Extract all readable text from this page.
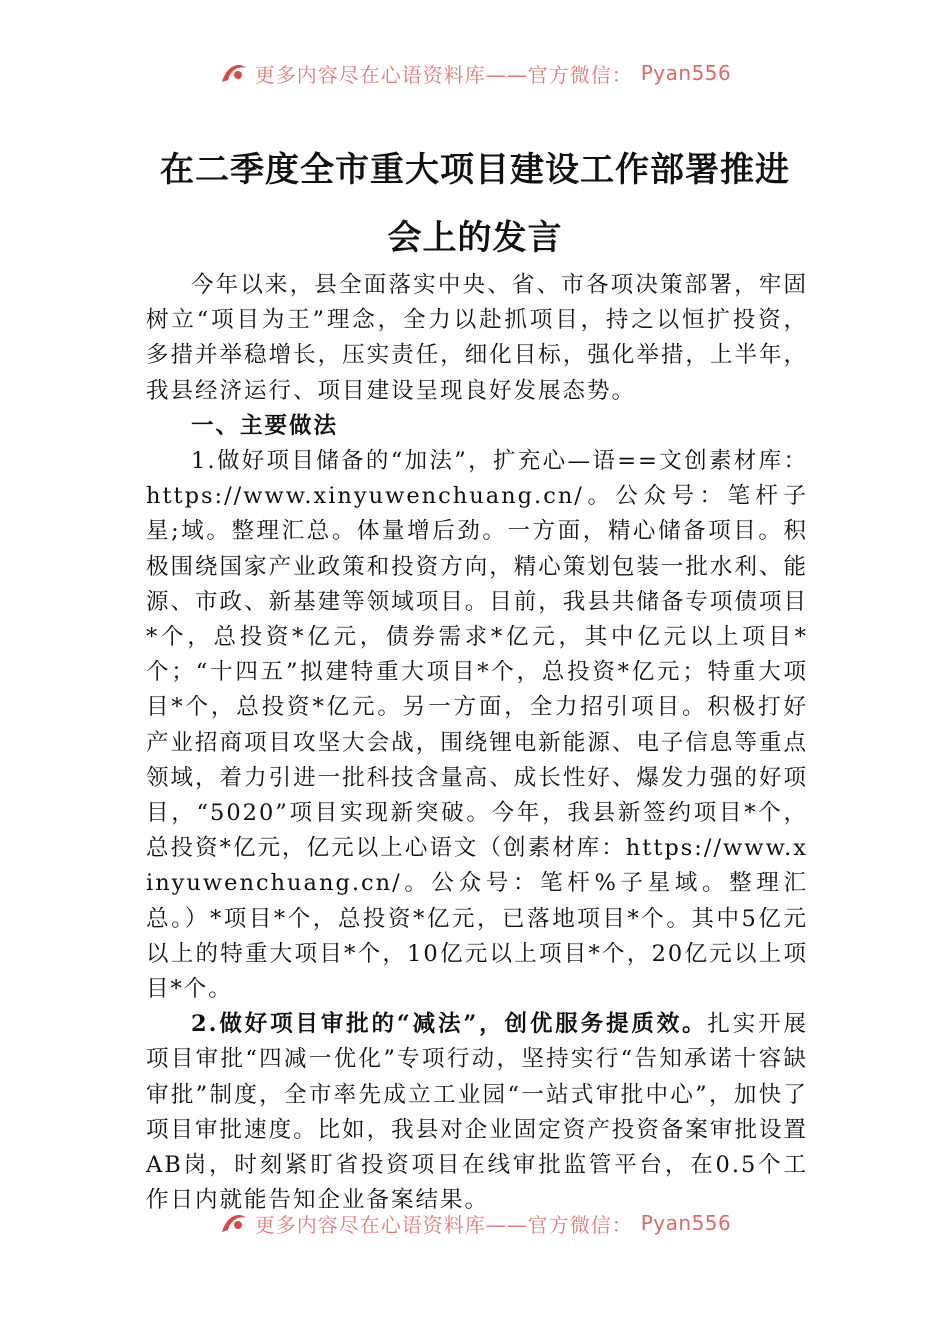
更多内容尽在心语资料库——官方微信： Pyan556
在二季度全市重大项目建设工作部署推进
会上的发言

今年以来，县全面落实中央、省、市各项决策部署，牢固树立“项目为王”理念，全力以赴抓项目，持之以恒扩投资，多措并举稳增长，压实责任，细化目标，强化举措，上半年，我县经济运行、项目建设呈现良好发展态势。

一、主要做法

1.做好项目储备的“加法”，扩充心—语==文创素材库：https://www.xinyuwenchuang.cn/。公众号：笔杆子星;域。整理汇总。体量增后劲。一方面，精心储备项目。积极围绕国家产业政策和投资方向，精心策划包装一批水利、能源、市政、新基建等领域项目。目前，我县共储备专项债项目*个，总投资*亿元，债券需求*亿元，其中亿元以上项目*个；“十四五”拟建特重大项目*个，总投资*亿元；特重大项目*个，总投资*亿元。另一方面，全力招引项目。积极打好产业招商项目攻坚大会战，围绕锂电新能源、电子信息等重点领域，着力引进一批科技含量高、成长性好、爆发力强的好项目，“5020”项目实现新突破。今年，我县新签约项目*个，总投资*亿元，亿元以上心语文（创素材库：https://www.xinyuwenchuang.cn/。公众号：笔杆%子星域。整理汇总。）*项目*个，总投资*亿元，已落地项目*个。其中5亿元以上的特重大项目*个，10亿元以上项目*个，20亿元以上项目*个。

2.做好项目审批的“减法”，创优服务提质效。扎实开展项目审批“四减一优化”专项行动，坚持实行“告知承诺十容缺审批”制度，全市率先成立工业园“一站式审批中心”，加快了项目审批速度。比如，我县对企业固定资产投资备案审批设置AB岗，时刻紧盯省投资项目在线审批监管平台，在0.5个工作日内就能告知企业备案结果。

更多内容尽在心语资料库——官方微信： Pyan556
